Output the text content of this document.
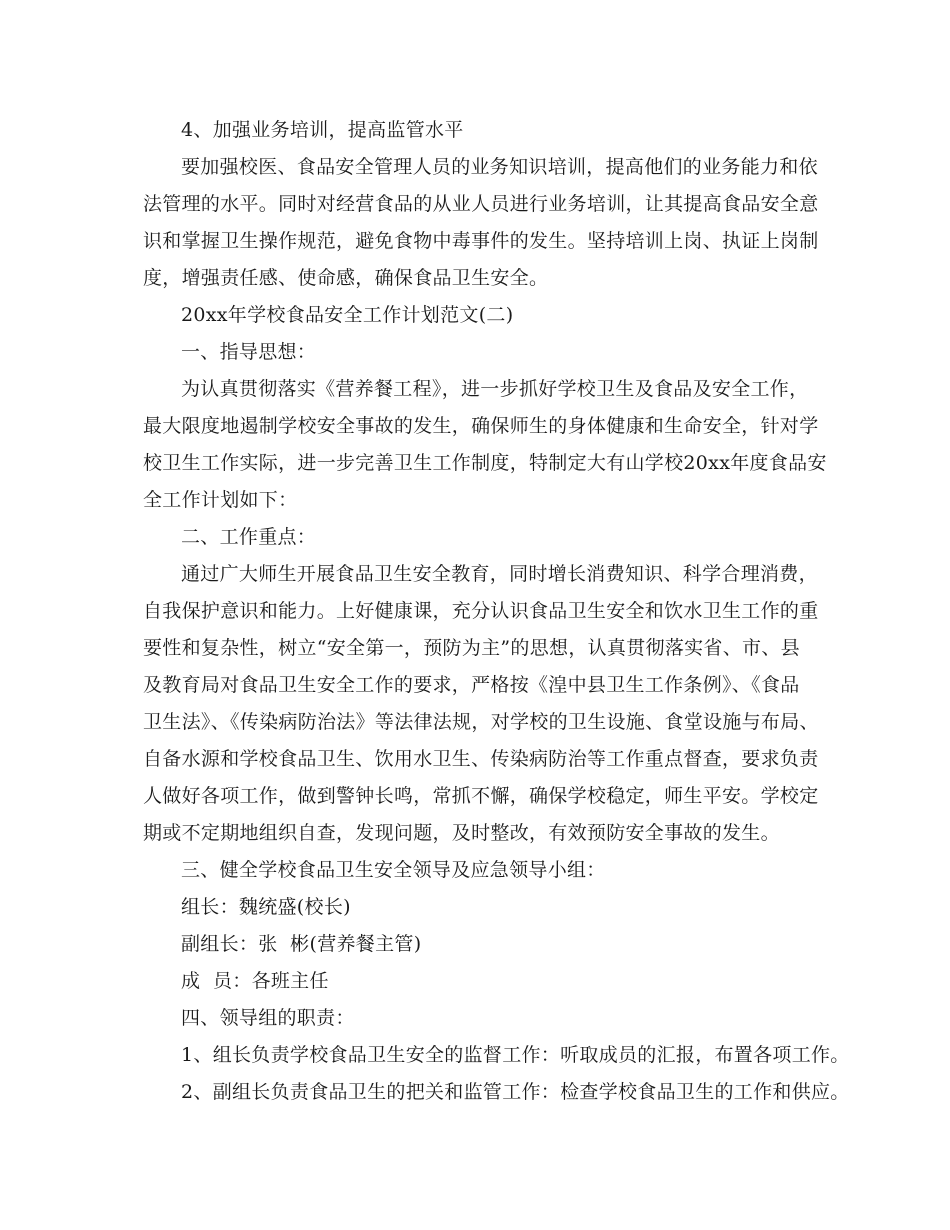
4、加强业务培训，提高监管水平
要加强校医、食品安全管理人员的业务知识培训，提高他们的业务能力和依
法管理的水平。同时对经营食品的从业人员进行业务培训，让其提高食品安全意
识和掌握卫生操作规范，避免食物中毒事件的发生。坚持培训上岗、执证上岗制
度，增强责任感、使命感，确保食品卫生安全。
20xx年学校食品安全工作计划范文(二)
一、指导思想：
为认真贯彻落实《营养餐工程》，进一步抓好学校卫生及食品及安全工作，
最大限度地遏制学校安全事故的发生，确保师生的身体健康和生命安全，针对学
校卫生工作实际，进一步完善卫生工作制度，特制定大有山学校20xx年度食品安
全工作计划如下：
二、工作重点：
通过广大师生开展食品卫生安全教育，同时增长消费知识、科学合理消费，
自我保护意识和能力。上好健康课，充分认识食品卫生安全和饮水卫生工作的重
要性和复杂性，树立“安全第一，预防为主”的思想，认真贯彻落实省、市、县
及教育局对食品卫生安全工作的要求，严格按《湟中县卫生工作条例》、《食品
卫生法》、《传染病防治法》等法律法规，对学校的卫生设施、食堂设施与布局、
自备水源和学校食品卫生、饮用水卫生、传染病防治等工作重点督查，要求负责
人做好各项工作，做到警钟长鸣，常抓不懈，确保学校稳定，师生平安。学校定
期或不定期地组织自查，发现问题，及时整改，有效预防安全事故的发生。
三、健全学校食品卫生安全领导及应急领导小组：
组长：魏统盛(校长)
副组长：张  彬(营养餐主管)
成  员：各班主任
四、领导组的职责：
1、组长负责学校食品卫生安全的监督工作：听取成员的汇报，布置各项工作。
2、副组长负责食品卫生的把关和监管工作：检查学校食品卫生的工作和供应。
